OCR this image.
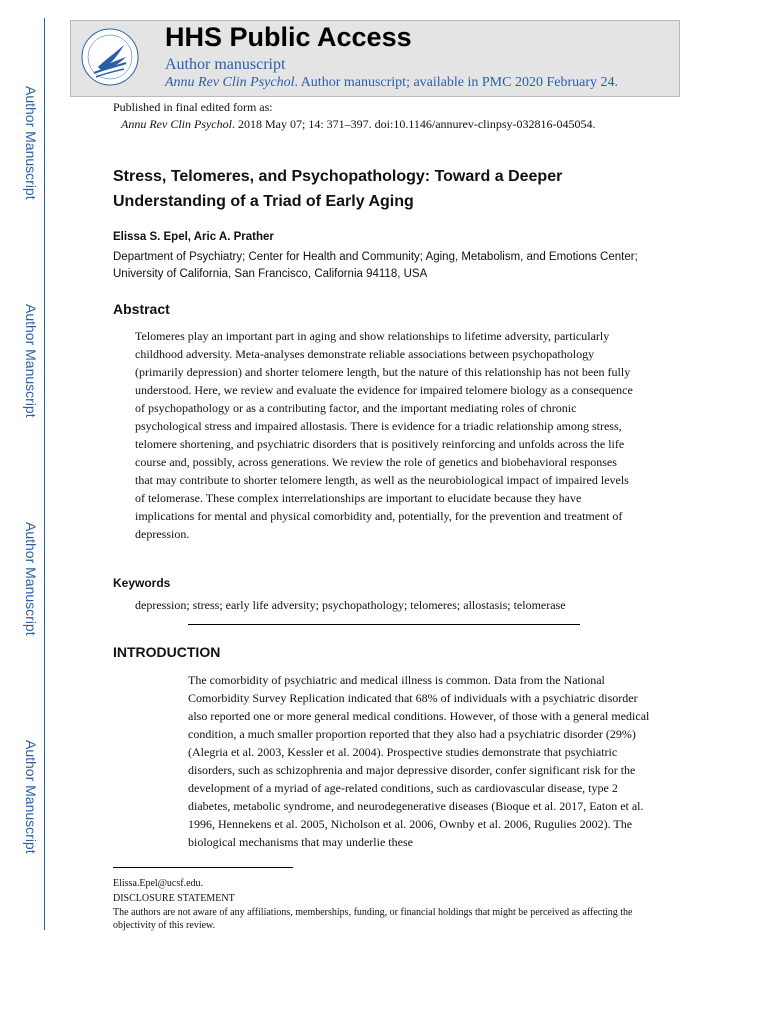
Author Manuscript
Author Manuscript
Author Manuscript
Author Manuscript
HHS Public Access
Author manuscript
Annu Rev Clin Psychol. Author manuscript; available in PMC 2020 February 24.
Published in final edited form as:
Annu Rev Clin Psychol. 2018 May 07; 14: 371–397. doi:10.1146/annurev-clinpsy-032816-045054.
Stress, Telomeres, and Psychopathology: Toward a Deeper Understanding of a Triad of Early Aging
Elissa S. Epel, Aric A. Prather
Department of Psychiatry; Center for Health and Community; Aging, Metabolism, and Emotions Center; University of California, San Francisco, California 94118, USA
Abstract
Telomeres play an important part in aging and show relationships to lifetime adversity, particularly childhood adversity. Meta-analyses demonstrate reliable associations between psychopathology (primarily depression) and shorter telomere length, but the nature of this relationship has not been fully understood. Here, we review and evaluate the evidence for impaired telomere biology as a consequence of psychopathology or as a contributing factor, and the important mediating roles of chronic psychological stress and impaired allostasis. There is evidence for a triadic relationship among stress, telomere shortening, and psychiatric disorders that is positively reinforcing and unfolds across the life course and, possibly, across generations. We review the role of genetics and biobehavioral responses that may contribute to shorter telomere length, as well as the neurobiological impact of impaired levels of telomerase. These complex interrelationships are important to elucidate because they have implications for mental and physical comorbidity and, potentially, for the prevention and treatment of depression.
Keywords
depression; stress; early life adversity; psychopathology; telomeres; allostasis; telomerase
INTRODUCTION
The comorbidity of psychiatric and medical illness is common. Data from the National Comorbidity Survey Replication indicated that 68% of individuals with a psychiatric disorder also reported one or more general medical conditions. However, of those with a general medical condition, a much smaller proportion reported that they also had a psychiatric disorder (29%) (Alegria et al. 2003, Kessler et al. 2004). Prospective studies demonstrate that psychiatric disorders, such as schizophrenia and major depressive disorder, confer significant risk for the development of a myriad of age-related conditions, such as cardiovascular disease, type 2 diabetes, metabolic syndrome, and neurodegenerative diseases (Bioque et al. 2017, Eaton et al. 1996, Hennekens et al. 2005, Nicholson et al. 2006, Ownby et al. 2006, Rugulies 2002). The biological mechanisms that may underlie these
Elissa.Epel@ucsf.edu.
DISCLOSURE STATEMENT
The authors are not aware of any affiliations, memberships, funding, or financial holdings that might be perceived as affecting the objectivity of this review.
